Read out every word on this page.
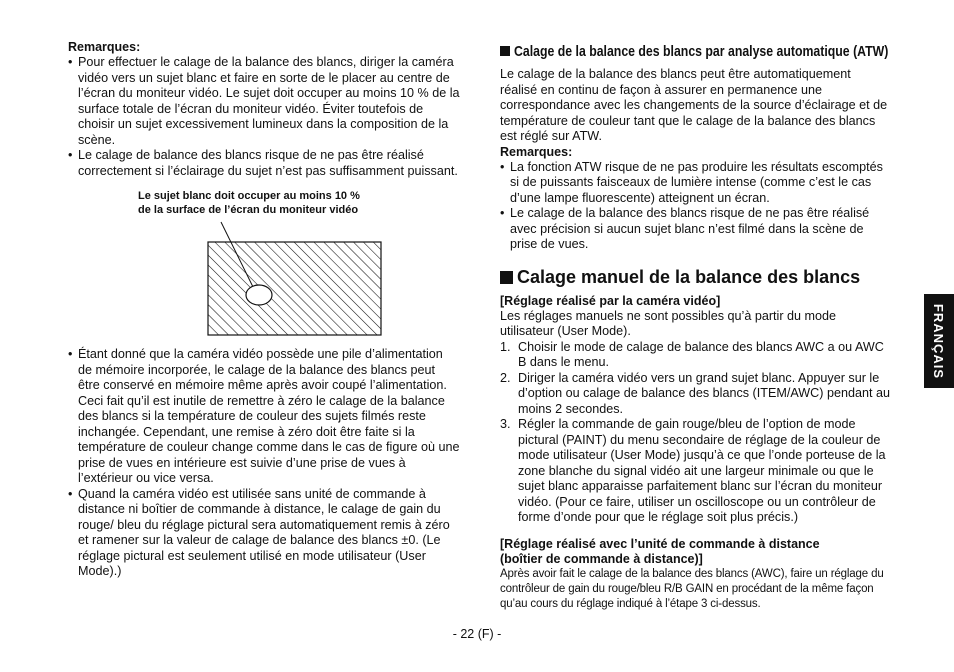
Remarques:

• Pour effectuer le calage de la balance des blancs, diriger la caméra vidéo vers un sujet blanc et faire en sorte de le placer au centre de l’écran du moniteur vidéo. Le sujet doit occuper au moins 10 % de la surface totale de l’écran du moniteur vidéo. Éviter toutefois de choisir un sujet excessivement lumineux dans la composition de la scène.
• Le calage de balance des blancs risque de ne pas être réalisé correctement si l’éclairage du sujet n’est pas suffisamment puissant.
Le sujet blanc doit occuper au moins 10 %
de la surface de l’écran du moniteur vidéo
• Étant donné que la caméra vidéo possède une pile d’alimentation de mémoire incorporée, le calage de la balance des blancs peut être conservé en mémoire même après avoir coupé l’alimentation. Ceci fait qu’il est inutile de remettre à zéro le calage de la balance des blancs si la température de couleur des sujets filmés reste inchangée. Cependant, une remise à zéro doit être faite si la température de couleur change comme dans le cas de figure où une prise de vues en intérieure est suivie d’une prise de vues à l’extérieur ou vice versa.
• Quand la caméra vidéo est utilisée sans unité de commande à distance ni boîtier de commande à distance, le calage de gain du rouge/ bleu du réglage pictural sera automatiquement remis à zéro et ramener sur la valeur de calage de balance des blancs ±0. (Le réglage pictural est seulement utilisé en mode utilisateur (User Mode).)
Calage de la balance des blancs par analyse automatique (ATW)

Le calage de la balance des blancs peut être automatiquement réalisé en continu de façon à assurer en permanence une correspondance avec les changements de la source d’éclairage et de température de couleur tant que le calage de la balance des blancs est réglé sur ATW.

Remarques:

• La fonction ATW risque de ne pas produire les résultats escomptés si de puissants faisceaux de lumière intense (comme c’est le cas d’une lampe fluorescente) atteignent un écran.
• Le calage de la balance des blancs risque de ne pas être réalisé avec précision si aucun sujet blanc n’est filmé dans la scène de prise de vues.
Calage manuel de la balance des blancs

[Réglage réalisé par la caméra vidéo]

Les réglages manuels ne sont possibles qu’à partir du mode utilisateur (User Mode).

1. Choisir le mode de calage de balance des blancs AWC a ou AWC B dans le menu.
2. Diriger la caméra vidéo vers un grand sujet blanc. Appuyer sur le d’option ou calage de balance des blancs (ITEM/AWC) pendant au moins 2 secondes.
3. Régler la commande de gain rouge/bleu de l’option de mode pictural (PAINT) du menu secondaire de réglage de la couleur de mode utilisateur (User Mode) jusqu’à ce que l’onde porteuse de la zone blanche du signal vidéo ait une largeur minimale ou que le sujet blanc apparaisse parfaitement blanc sur l’écran du moniteur vidéo. (Pour ce faire, utiliser un oscilloscope ou un contrôleur de forme d’onde pour que le réglage soit plus précis.)

[Réglage réalisé avec l’unité de commande à distance

(boîtier de commande à distance)]

Après avoir fait le calage de la balance des blancs (AWC), faire un réglage du contrôleur de gain du rouge/bleu R/B GAIN en procédant de la même façon qu’au cours du réglage indiqué à l’étape 3 ci-dessus.

FRANÇAIS
- 22 (F) -
